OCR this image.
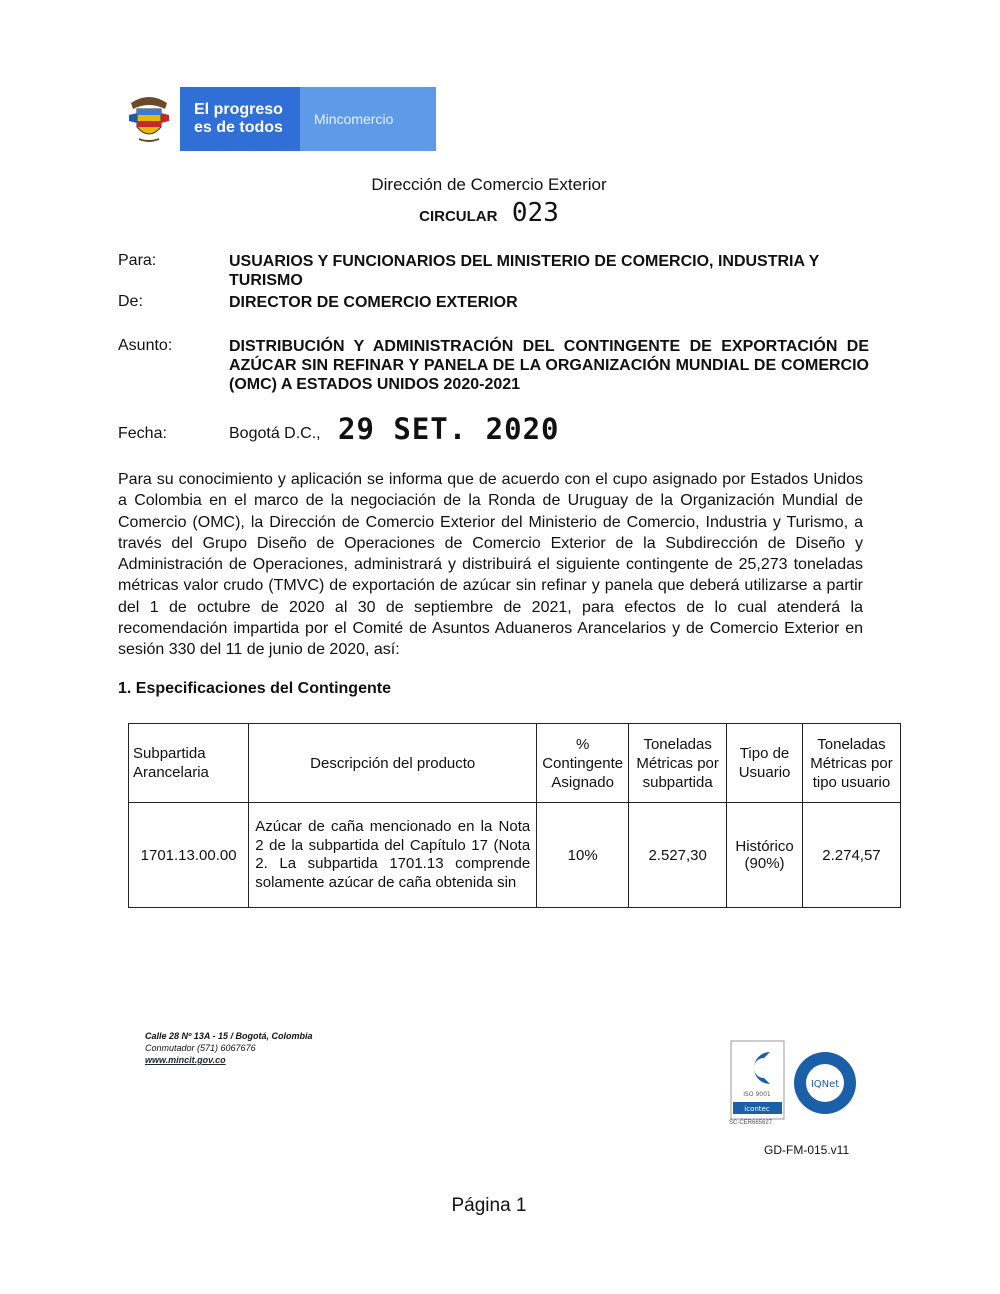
El progreso
es de todos	Mincomercio
Dirección de Comercio Exterior
CIRCULAR 023
Para:	USUARIOS Y FUNCIONARIOS DEL MINISTERIO DE COMERCIO, INDUSTRIA Y TURISMO
De:	DIRECTOR DE COMERCIO EXTERIOR
Asunto:	DISTRIBUCIÓN Y ADMINISTRACIÓN DEL CONTINGENTE DE EXPORTACIÓN DE AZÚCAR SIN REFINAR Y PANELA DE LA ORGANIZACIÓN MUNDIAL DE COMERCIO (OMC) A ESTADOS UNIDOS 2020-2021
Fecha:	Bogotá D.C., 29 SET. 2020
Para su conocimiento y aplicación se informa que de acuerdo con el cupo asignado por Estados Unidos a Colombia en el marco de la negociación de la Ronda de Uruguay de la Organización Mundial de Comercio (OMC), la Dirección de Comercio Exterior del Ministerio de Comercio, Industria y Turismo, a través del Grupo Diseño de Operaciones de Comercio Exterior de la Subdirección de Diseño y Administración de Operaciones, administrará y distribuirá el siguiente contingente de 25,273 toneladas métricas valor crudo (TMVC) de exportación de azúcar sin refinar y panela que deberá utilizarse a partir del 1 de octubre de 2020 al 30 de septiembre de 2021, para efectos de lo cual atenderá la recomendación impartida por el Comité de Asuntos Aduaneros Arancelarios y de Comercio Exterior en sesión 330 del 11 de junio de 2020, así:
1. Especificaciones del Contingente
Subpartida Arancelaria	Descripción del producto	% Contingente Asignado	Toneladas Métricas por subpartida	Tipo de Usuario	Toneladas Métricas por tipo usuario
1701.13.00.00	Azúcar de caña mencionado en la Nota 2 de la subpartida del Capítulo 17 (Nota 2. La subpartida 1701.13 comprende solamente azúcar de caña obtenida sin	10%	2.527,30	Histórico (90%)	2.274,57
Calle 28 Nº 13A - 15 / Bogotá, Colombia
Conmutador (571) 6067676
www.mincit.gov.co
ISO 9001
icontec
SC-CER665627
IQNet
GD-FM-015.v11
Página 1
